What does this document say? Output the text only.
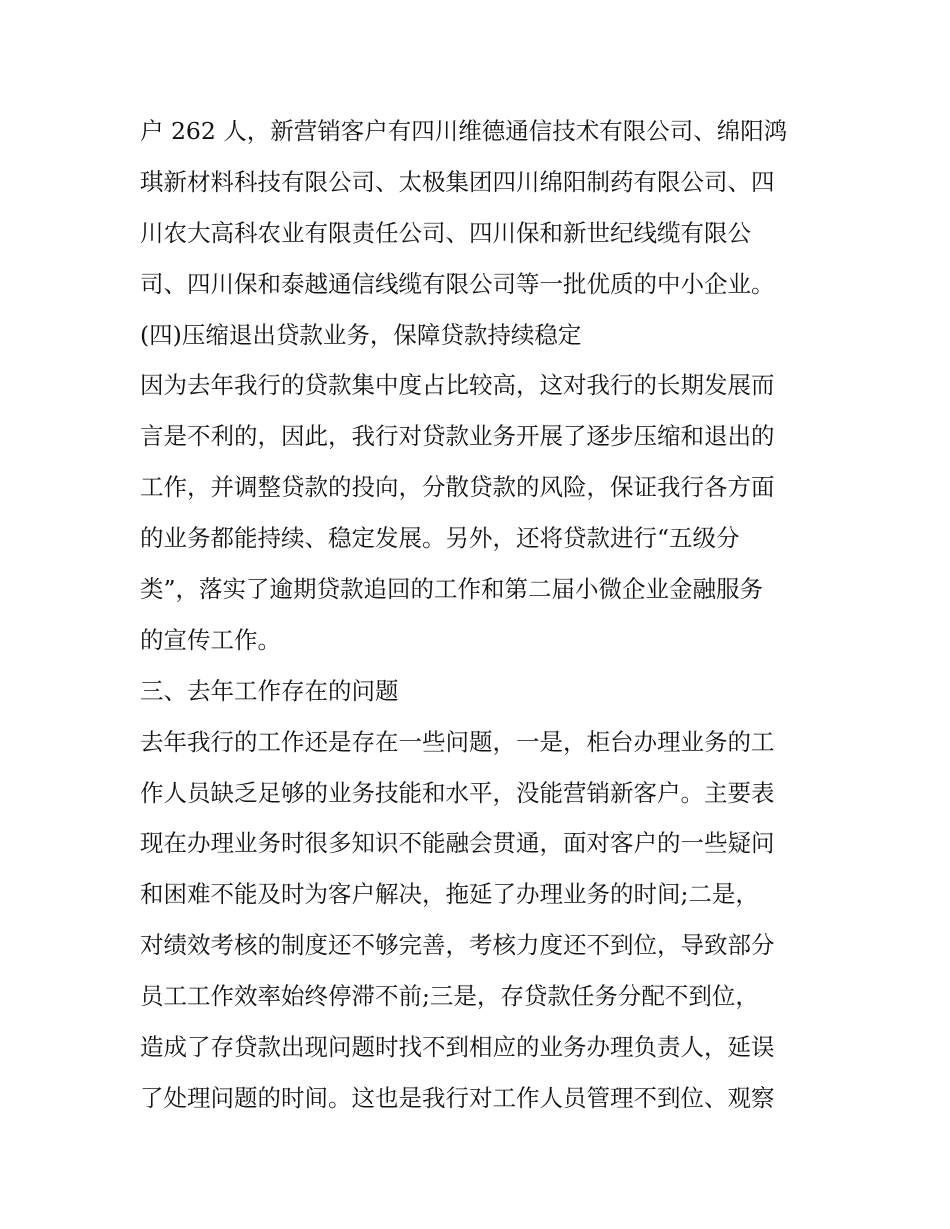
户 262 人，新营销客户有四川维德通信技术有限公司、绵阳鸿
琪新材料科技有限公司、太极集团四川绵阳制药有限公司、四
川农大高科农业有限责任公司、四川保和新世纪线缆有限公
司、四川保和泰越通信线缆有限公司等一批优质的中小企业。
(四)压缩退出贷款业务，保障贷款持续稳定
因为去年我行的贷款集中度占比较高，这对我行的长期发展而
言是不利的，因此，我行对贷款业务开展了逐步压缩和退出的
工作，并调整贷款的投向，分散贷款的风险，保证我行各方面
的业务都能持续、稳定发展。另外，还将贷款进行“五级分
类”，落实了逾期贷款追回的工作和第二届小微企业金融服务
的宣传工作。
三、去年工作存在的问题
去年我行的工作还是存在一些问题，一是，柜台办理业务的工
作人员缺乏足够的业务技能和水平，没能营销新客户。主要表
现在办理业务时很多知识不能融会贯通，面对客户的一些疑问
和困难不能及时为客户解决，拖延了办理业务的时间;二是，
对绩效考核的制度还不够完善，考核力度还不到位，导致部分
员工工作效率始终停滞不前;三是，存贷款任务分配不到位，
造成了存贷款出现问题时找不到相应的业务办理负责人，延误
了处理问题的时间。这也是我行对工作人员管理不到位、观察
